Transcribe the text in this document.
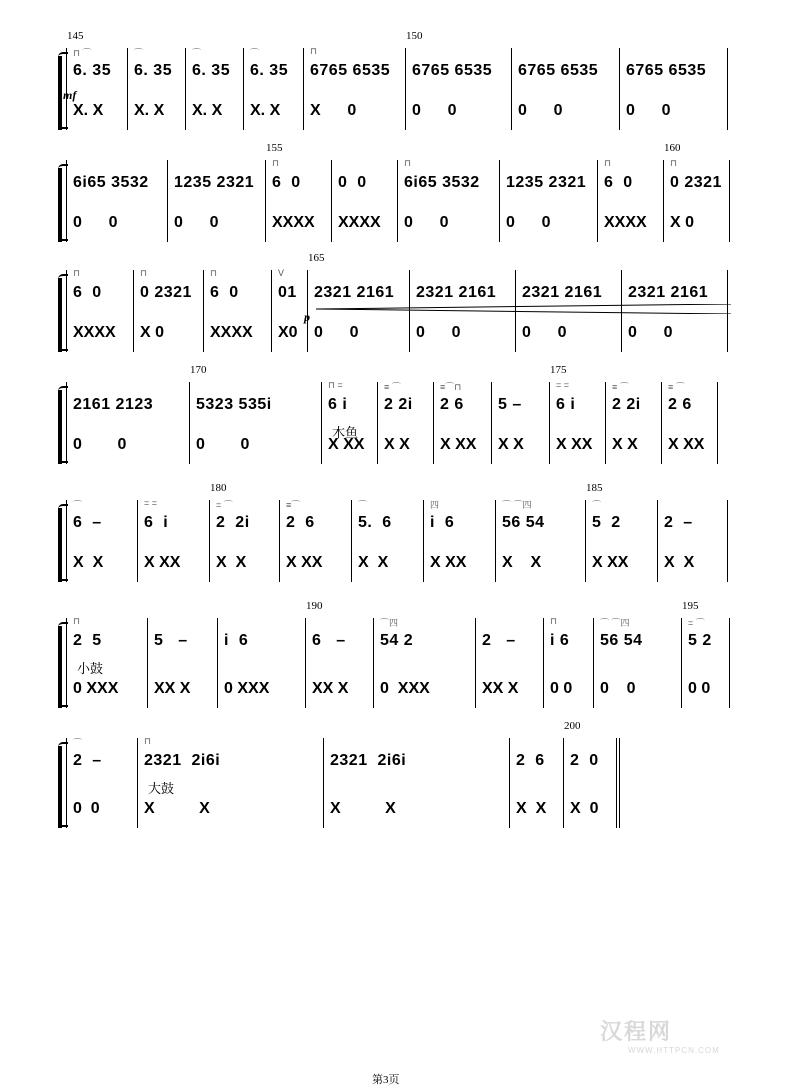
145
⊓ ⌒
6. 35
mf
X. X
⌒
6. 35
X. X
⌒
6. 35
X. X
⌒
6. 35
X. X
⊓
6765 6535
X      0
150
6765 6535
0      0
6765 6535
0      0
6765 6535
0      0
6i65 3532
0      0
1235 2321
0      0
155
⊓
6  0
XXXX
0  0
XXXX
⊓
6i65 3532
0      0
1235 2321
0      0
⊓
6  0
XXXX
160
⊓
0 2321
X 0
⊓
6  0
XXXX
⊓
0 2321
X 0
⊓
6  0
XXXX
V
01
X0
165
2321 2161
p
0      0
2321 2161
0      0
2321 2161
0      0
2321 2161
0      0
2161 2123
0        0
170
5323 535i
0        0
⊓ =
6 i
木鱼
X XX
≡ ⌒
2 2i
X X
≡⌒⊓
2 6
X XX
5 –
X X
175
= =
6 i
X XX
≡ ⌒
2 2i
X X
≡ ⌒
2 6
X XX
⌒
6  –
X  X
= =
6  i
X XX
180
= ⌒
2  2i
X  X
≡⌒
2  6
X XX
⌒
5.  6
X  X
四
i  6
X XX
⌒ ⌒四
56 54
X    X
185
⌒
5  2
X XX
2  –
X  X
⊓
2  5
小鼓
0 XXX
5   –
XX X
i  6
0 XXX
190
6   –
XX X
⌒四
54 2
0  XXX
2   –
XX X
⊓
i 6
0 0
⌒ ⌒四
56 54
0    0
195
= ⌒
5 2
0 0
⌒
2  –
0  0
⊓
2321  2i6i
大鼓
X          X
2321  2i6i
X          X
2  6
X  X
200
2  0
X  0
第3页
汉程网
WWW.HTTPCN.COM
